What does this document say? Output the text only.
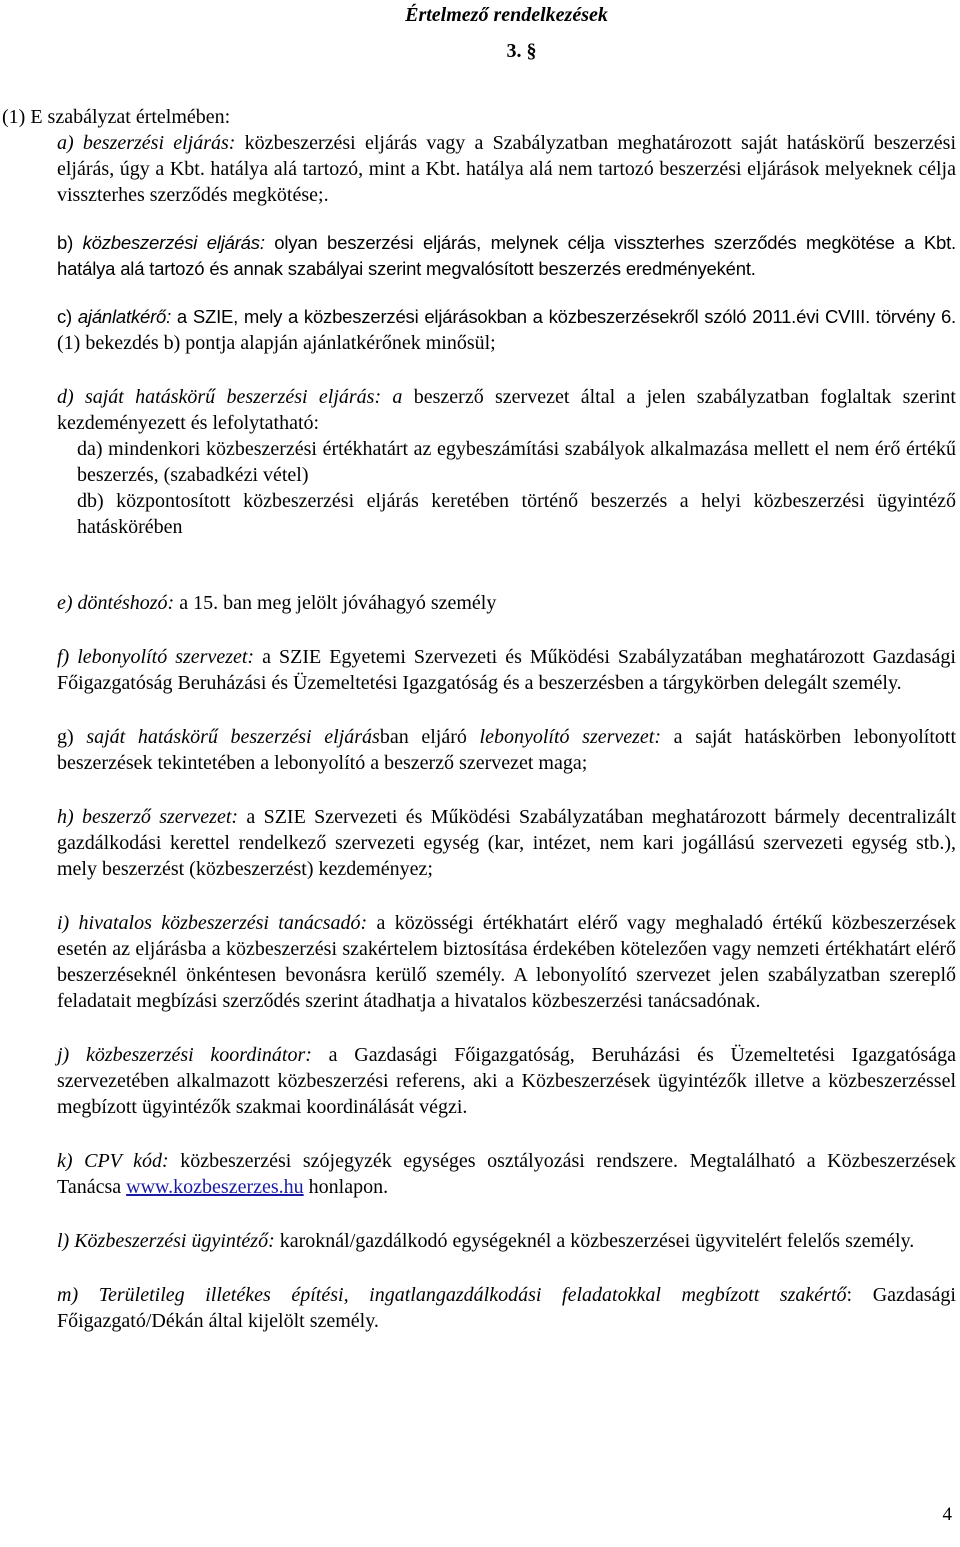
Értelmező rendelkezések

3. §

(1) E szabályzat értelmében:

a) beszerzési eljárás: közbeszerzési eljárás vagy a Szabályzatban meghatározott saját hatáskörű beszerzési eljárás, úgy a Kbt. hatálya alá tartozó, mint a Kbt. hatálya alá nem tartozó beszerzési eljárások melyeknek célja visszterhes szerződés megkötése;.

b) közbeszerzési eljárás: olyan beszerzési eljárás, melynek célja visszterhes szerződés megkötése a Kbt. hatálya alá tartozó és annak szabályai szerint megvalósított beszerzés eredményeként.

c) ajánlatkérő: a SZIE, mely a közbeszerzési eljárásokban a közbeszerzésekről szóló 2011.évi CVIII. törvény 6. (1) bekezdés b) pontja alapján ajánlatkérőnek minősül;

d) saját hatáskörű beszerzési eljárás: a beszerző szervezet által a jelen szabályzatban foglaltak szerint kezdeményezett és lefolytatható:

da) mindenkori közbeszerzési értékhatárt az egybeszámítási szabályok alkalmazása mellett el nem érő értékű beszerzés, (szabadkézi vétel)

db) központosított közbeszerzési eljárás keretében történő beszerzés a helyi közbeszerzési ügyintéző hatáskörében

e) döntéshozó: a 15. ban meg jelölt jóváhagyó személy

f) lebonyolító szervezet: a SZIE Egyetemi Szervezeti és Működési Szabályzatában meghatározott Gazdasági Főigazgatóság Beruházási és Üzemeltetési Igazgatóság és a beszerzésben a tárgykörben delegált személy.

g) saját hatáskörű beszerzési eljárásban eljáró lebonyolító szervezet: a saját hatáskörben lebonyolított beszerzések tekintetében a lebonyolító a beszerző szervezet maga;

h) beszerző szervezet: a SZIE Szervezeti és Működési Szabályzatában meghatározott bármely decentralizált gazdálkodási kerettel rendelkező szervezeti egység (kar, intézet, nem kari jogállású szervezeti egység stb.), mely beszerzést (közbeszerzést) kezdeményez;

i) hivatalos közbeszerzési tanácsadó: a közösségi értékhatárt elérő vagy meghaladó értékű közbeszerzések esetén az eljárásba a közbeszerzési szakértelem biztosítása érdekében kötelezően vagy nemzeti értékhatárt elérő beszerzéseknél önkéntesen bevonásra kerülő személy. A lebonyolító szervezet jelen szabályzatban szereplő feladatait megbízási szerződés szerint átadhatja a hivatalos közbeszerzési tanácsadónak.

j) közbeszerzési koordinátor: a Gazdasági Főigazgatóság, Beruházási és Üzemeltetési Igazgatósága szervezetében alkalmazott közbeszerzési referens, aki a Közbeszerzések ügyintézők illetve a közbeszerzéssel megbízott ügyintézők szakmai koordinálását végzi.

k) CPV kód: közbeszerzési szójegyzék egységes osztályozási rendszere. Megtalálható a Közbeszerzések Tanácsa www.kozbeszerzes.hu honlapon.

l) Közbeszerzési ügyintéző: karoknál/gazdálkodó egységeknél a közbeszerzései ügyvitelért felelős személy.

m) Területileg illetékes építési, ingatlangazdálkodási feladatokkal megbízott szakértő: Gazdasági Főigazgató/Dékán által kijelölt személy.

4
